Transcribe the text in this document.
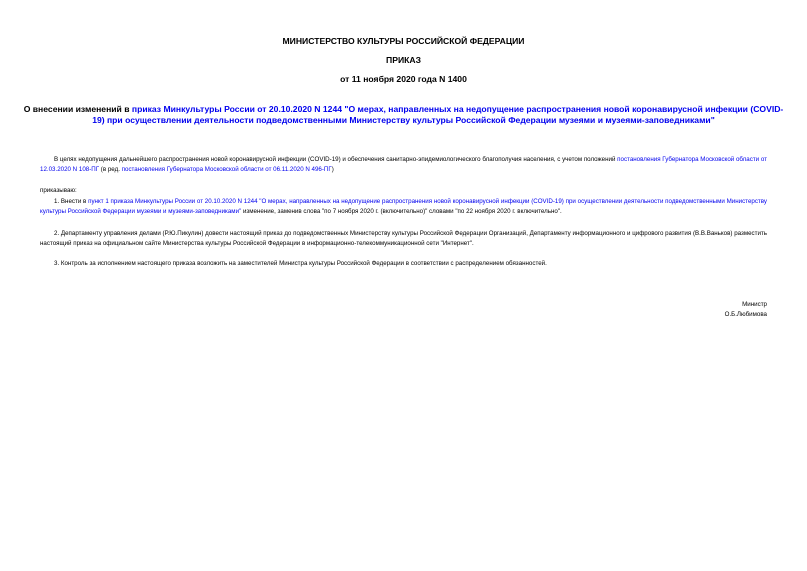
МИНИСТЕРСТВО КУЛЬТУРЫ РОССИЙСКОЙ ФЕДЕРАЦИИ
ПРИКАЗ
от 11 ноября 2020 года N 1400
О внесении изменений в приказ Минкультуры России от 20.10.2020 N 1244 "О мерах, направленных на недопущение распространения новой коронавирусной инфекции (COVID-19) при осуществлении деятельности подведомственными Министерству культуры Российской Федерации музеями и музеями-заповедниками"
В целях недопущения дальнейшего распространения новой коронавирусной инфекции (COVID-19) и обеспечения санитарно-эпидемиологического благополучия населения, с учетом положений постановления Губернатора Московской области от 12.03.2020 N 108-ПГ (в ред. постановления Губернатора Московской области от 06.11.2020 N 496-ПГ)
приказываю:
1. Внести в пункт 1 приказа Минкультуры России от 20.10.2020 N 1244 "О мерах, направленных на недопущение распространения новой коронавирусной инфекции (COVID-19) при осуществлении деятельности подведомственными Министерству культуры Российской Федерации музеями и музеями-заповедниками" изменение, заменив слова "по 7 ноября 2020 г. (включительно)" словами "по 22 ноября 2020 г. включительно".
2. Департаменту управления делами (Р.Ю.Пикулин) довести настоящий приказ до подведомственных Министерству культуры Российской Федерации Организаций, Департаменту информационного и цифрового развития (В.В.Ваньков) разместить настоящий приказ на официальном сайте Министерства культуры Российской Федерации в информационно-телекоммуникационной сети "Интернет".
3. Контроль за исполнением настоящего приказа возложить на заместителей Министра культуры Российской Федерации в соответствии с распределением обязанностей.
Министр
О.Б.Любимова
